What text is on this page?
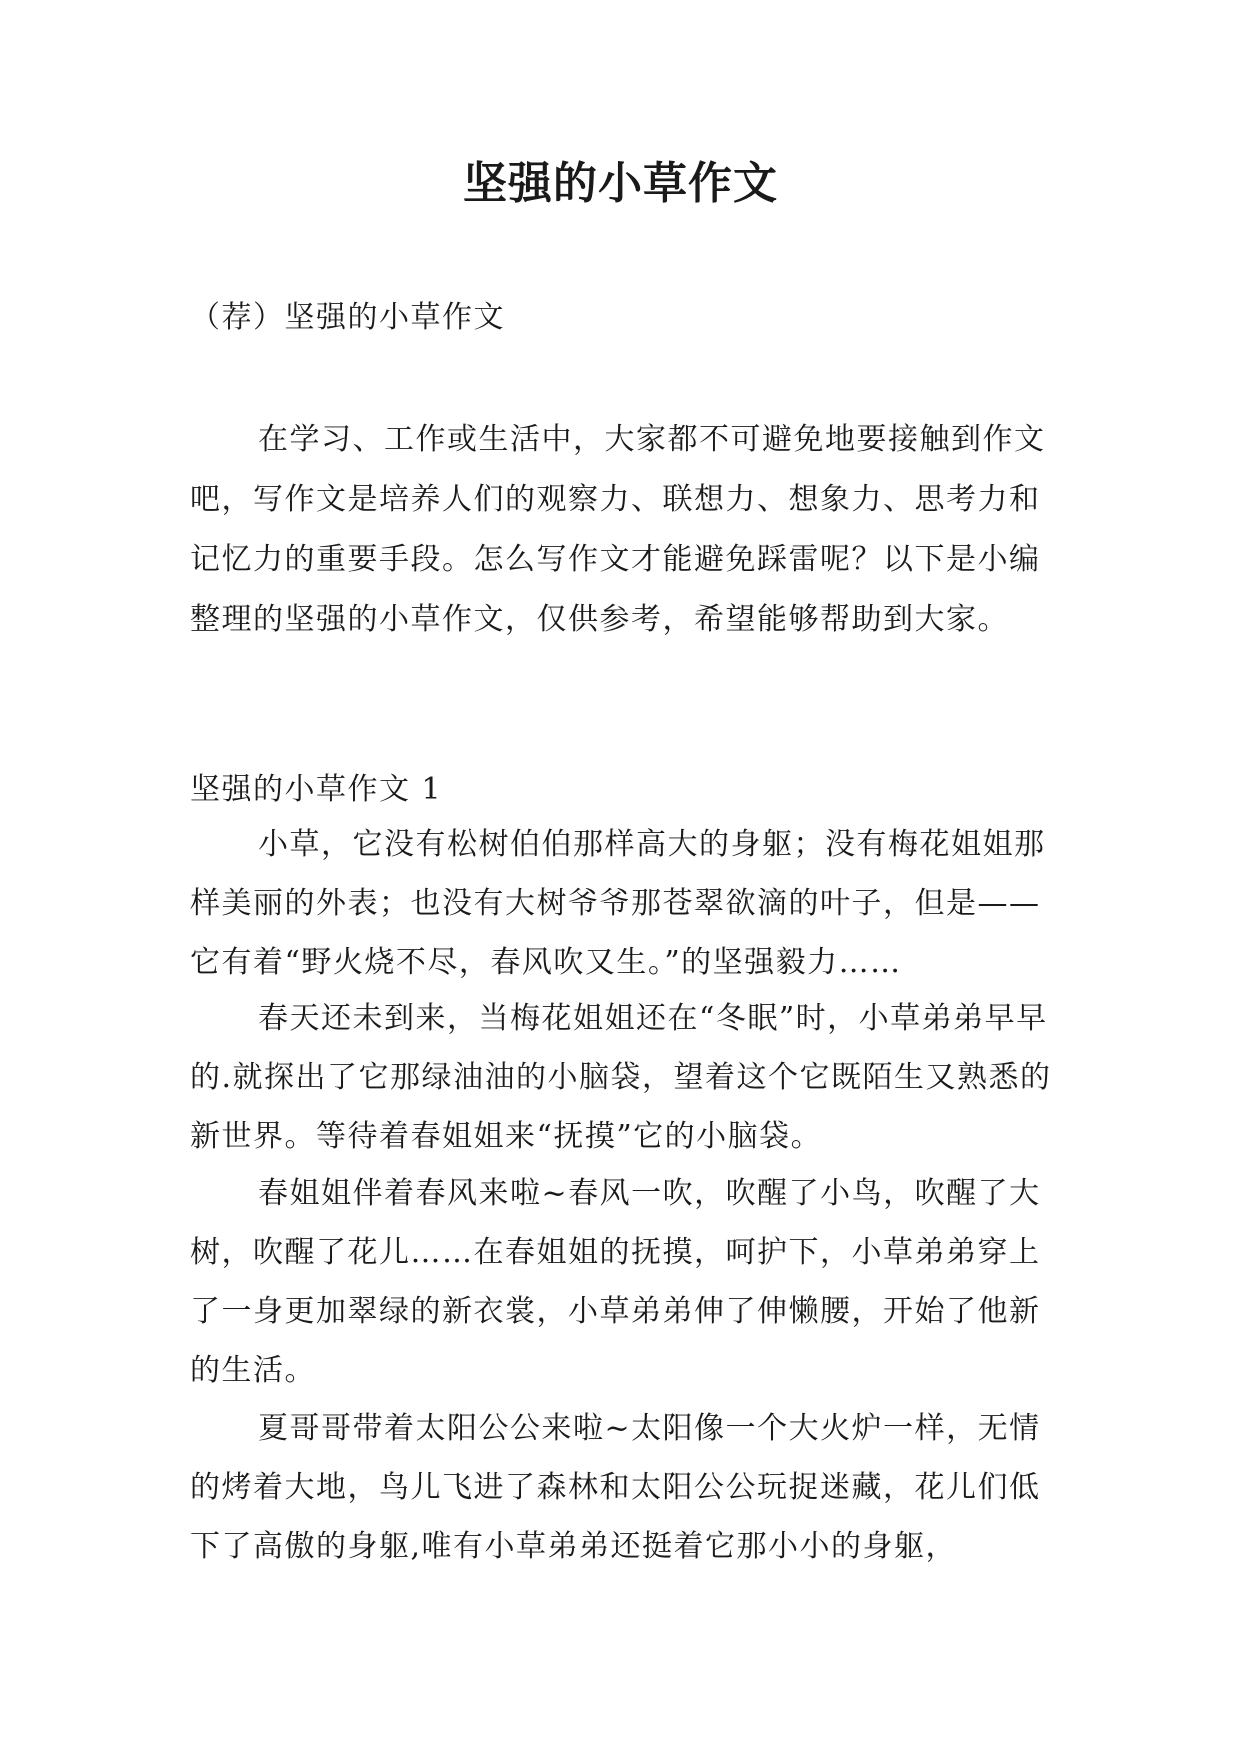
坚强的小草作文

（荐）坚强的小草作文

在学习、工作或生活中，大家都不可避免地要接触到作文吧，写作文是培养人们的观察力、联想力、想象力、思考力和记忆力的重要手段。怎么写作文才能避免踩雷呢？以下是小编整理的坚强的小草作文，仅供参考，希望能够帮助到大家。

坚强的小草作文 1

小草，它没有松树伯伯那样高大的身躯；没有梅花姐姐那样美丽的外表；也没有大树爷爷那苍翠欲滴的叶子，但是——它有着“野火烧不尽，春风吹又生。”的坚强毅力……

春天还未到来，当梅花姐姐还在“冬眠”时，小草弟弟早早的.就探出了它那绿油油的小脑袋，望着这个它既陌生又熟悉的新世界。等待着春姐姐来“抚摸”它的小脑袋。

春姐姐伴着春风来啦~春风一吹，吹醒了小鸟，吹醒了大树，吹醒了花儿……在春姐姐的抚摸，呵护下，小草弟弟穿上了一身更加翠绿的新衣裳，小草弟弟伸了伸懒腰，开始了他新的生活。

夏哥哥带着太阳公公来啦~太阳像一个大火炉一样，无情的烤着大地，鸟儿飞进了森林和太阳公公玩捉迷藏，花儿们低下了高傲的身躯,唯有小草弟弟还挺着它那小小的身躯，
